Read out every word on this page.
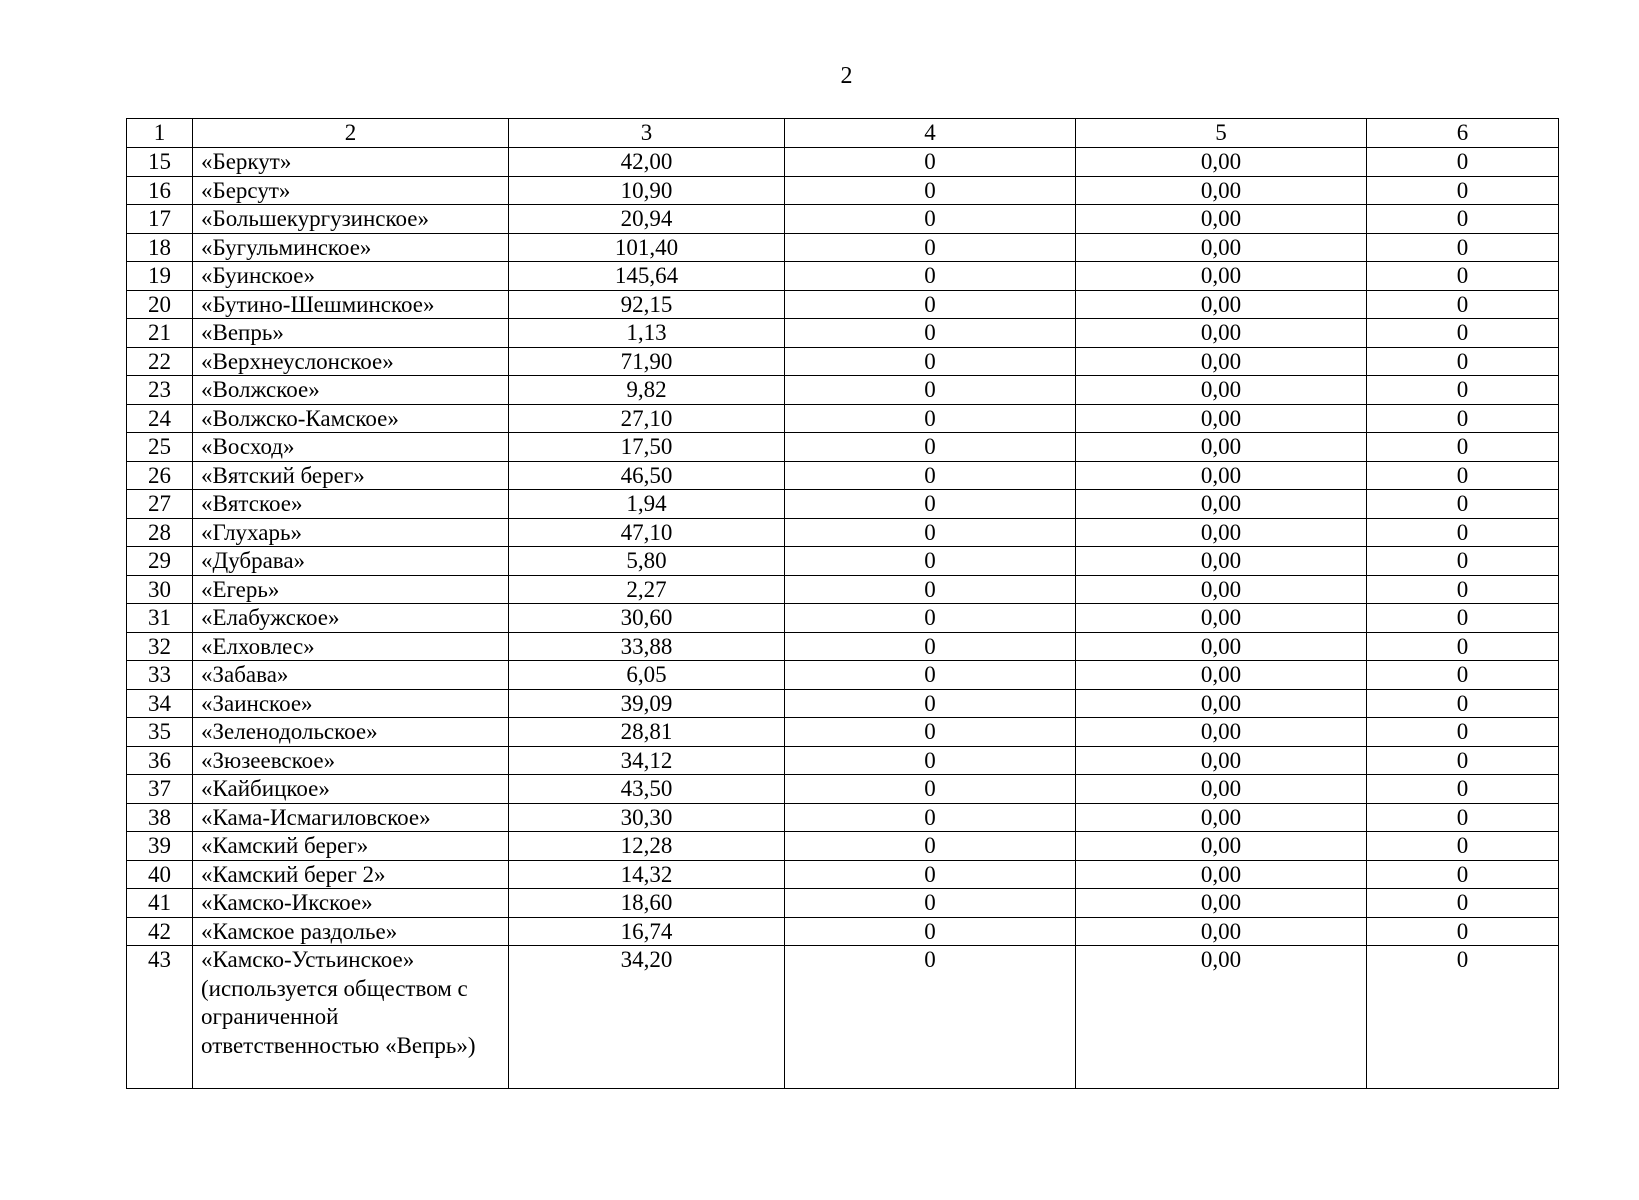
2
1	2	3	4	5	6
15	«Беркут»	42,00	0	0,00	0
16	«Берсут»	10,90	0	0,00	0
17	«Большекургузинское»	20,94	0	0,00	0
18	«Бугульминское»	101,40	0	0,00	0
19	«Буинское»	145,64	0	0,00	0
20	«Бутино-Шешминское»	92,15	0	0,00	0
21	«Вепрь»	1,13	0	0,00	0
22	«Верхнеуслонское»	71,90	0	0,00	0
23	«Волжское»	9,82	0	0,00	0
24	«Волжско-Камское»	27,10	0	0,00	0
25	«Восход»	17,50	0	0,00	0
26	«Вятский берег»	46,50	0	0,00	0
27	«Вятское»	1,94	0	0,00	0
28	«Глухарь»	47,10	0	0,00	0
29	«Дубрава»	5,80	0	0,00	0
30	«Егерь»	2,27	0	0,00	0
31	«Елабужское»	30,60	0	0,00	0
32	«Елховлес»	33,88	0	0,00	0
33	«Забава»	6,05	0	0,00	0
34	«Заинское»	39,09	0	0,00	0
35	«Зеленодольское»	28,81	0	0,00	0
36	«Зюзеевское»	34,12	0	0,00	0
37	«Кайбицкое»	43,50	0	0,00	0
38	«Кама-Исмагиловское»	30,30	0	0,00	0
39	«Камский берег»	12,28	0	0,00	0
40	«Камский берег 2»	14,32	0	0,00	0
41	«Камско-Икское»	18,60	0	0,00	0
42	«Камское раздолье»	16,74	0	0,00	0
43	«Камско-Устьинское»
(используется обществом с
ограниченной
ответственностью «Вепрь»)	34,20	0	0,00	0
